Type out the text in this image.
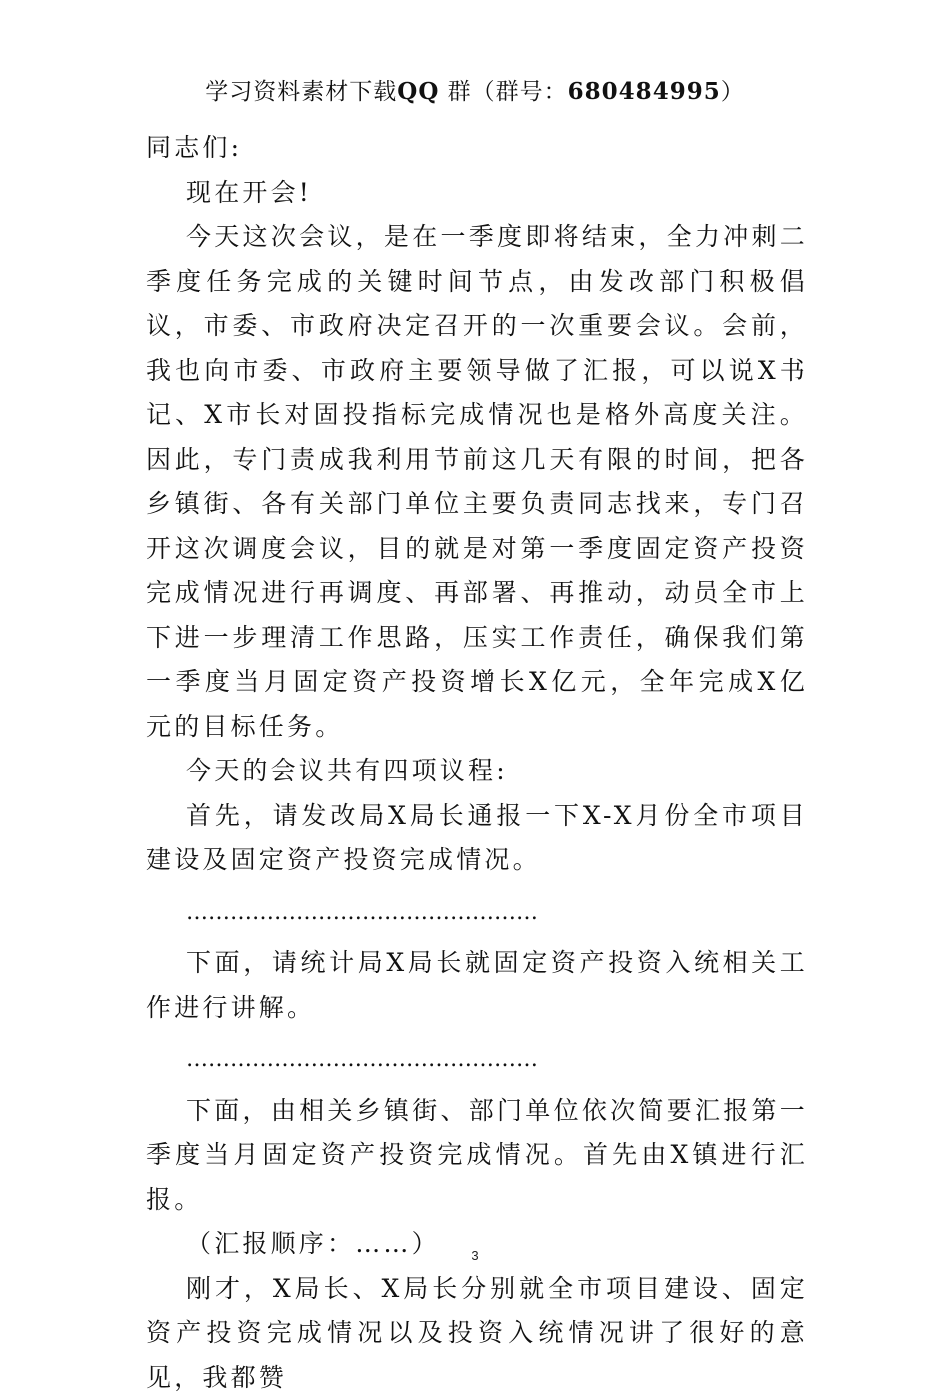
学习资料素材下载QQ 群（群号：680484995）

同志们:

现在开会!

今天这次会议，是在一季度即将结束，全力冲刺二季度任务完成的关键时间节点，由发改部门积极倡议，市委、市政府决定召开的一次重要会议。会前，我也向市委、市政府主要领导做了汇报，可以说X书记、X市长对固投指标完成情况也是格外高度关注。因此，专门责成我利用节前这几天有限的时间，把各乡镇街、各有关部门单位主要负责同志找来，专门召开这次调度会议，目的就是对第一季度固定资产投资完成情况进行再调度、再部署、再推动，动员全市上下进一步理清工作思路，压实工作责任，确保我们第一季度当月固定资产投资增长X亿元，全年完成X亿元的目标任务。

今天的会议共有四项议程:

首先，请发改局X局长通报一下X-X月份全市项目建设及固定资产投资完成情况。

…………………………………………

下面，请统计局X局长就固定资产投资入统相关工作进行讲解。

…………………………………………

下面，由相关乡镇街、部门单位依次简要汇报第一季度当月固定资产投资完成情况。首先由X镇进行汇报。

（汇报顺序：……）

刚才，X局长、X局长分别就全市项目建设、固定资产投资完成情况以及投资入统情况讲了很好的意见，我都赞

3
